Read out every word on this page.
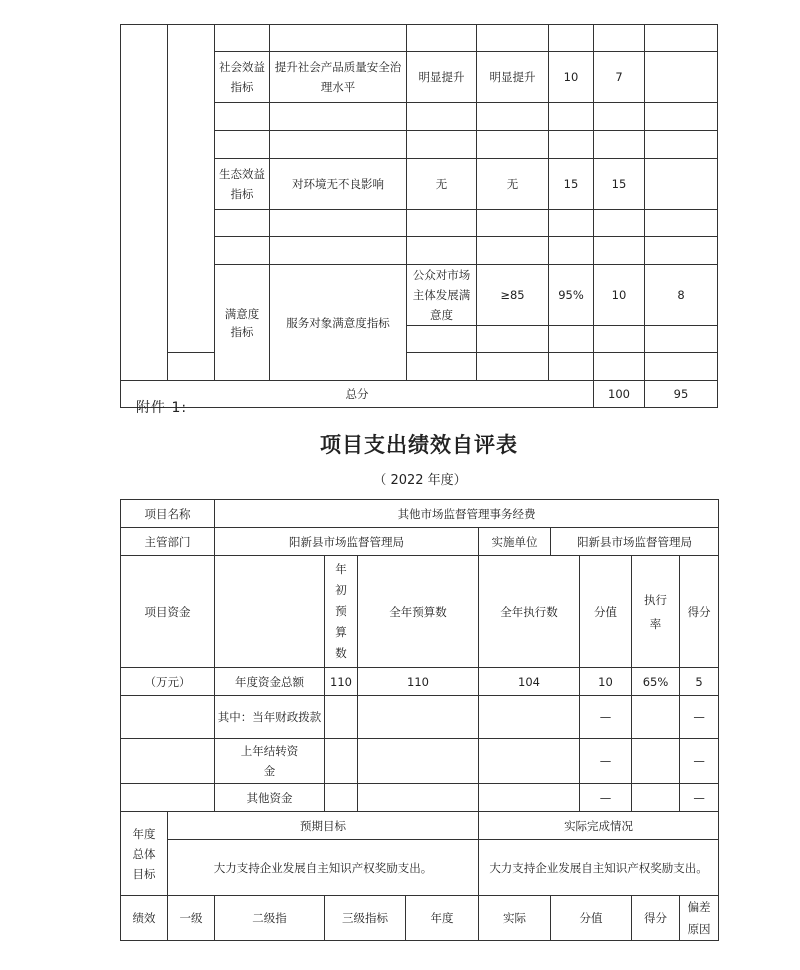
		社会效益指标	提升社会产品质量安全治理水平	明显提升	明显提升	10	7		

		生态效益指标	对环境无不良影响	无	无	15	15		

		满意度指标	服务对象满意度指标	公众对市场主体发展满意度	≥85	95%	10	8	

总分							100	95	
附件 1:
项目支出绩效自评表
（ 2022 年度）
项目名称		其他市场监督管理事务经费								
主管部门		阳新县市场监督管理局				实施单位	阳新县市场监督管理局			
项目资金			年初预算数	全年预算数		全年执行数		分值	执行率	得分
（万元）		年度资金总额	110	110		104		10	65%	5
		其中：当年财政拨款						—		—
		上年结转资金						—		—
		其他资金						—		—
年度总体目标	预期目标					实际完成情况				
	大力支持企业发展自主知识产权奖励支出。					大力支持企业发展自主知识产权奖励支出。				
绩效	一级	二级指	三级指标		年度	实际	分值		得分	偏差原因
